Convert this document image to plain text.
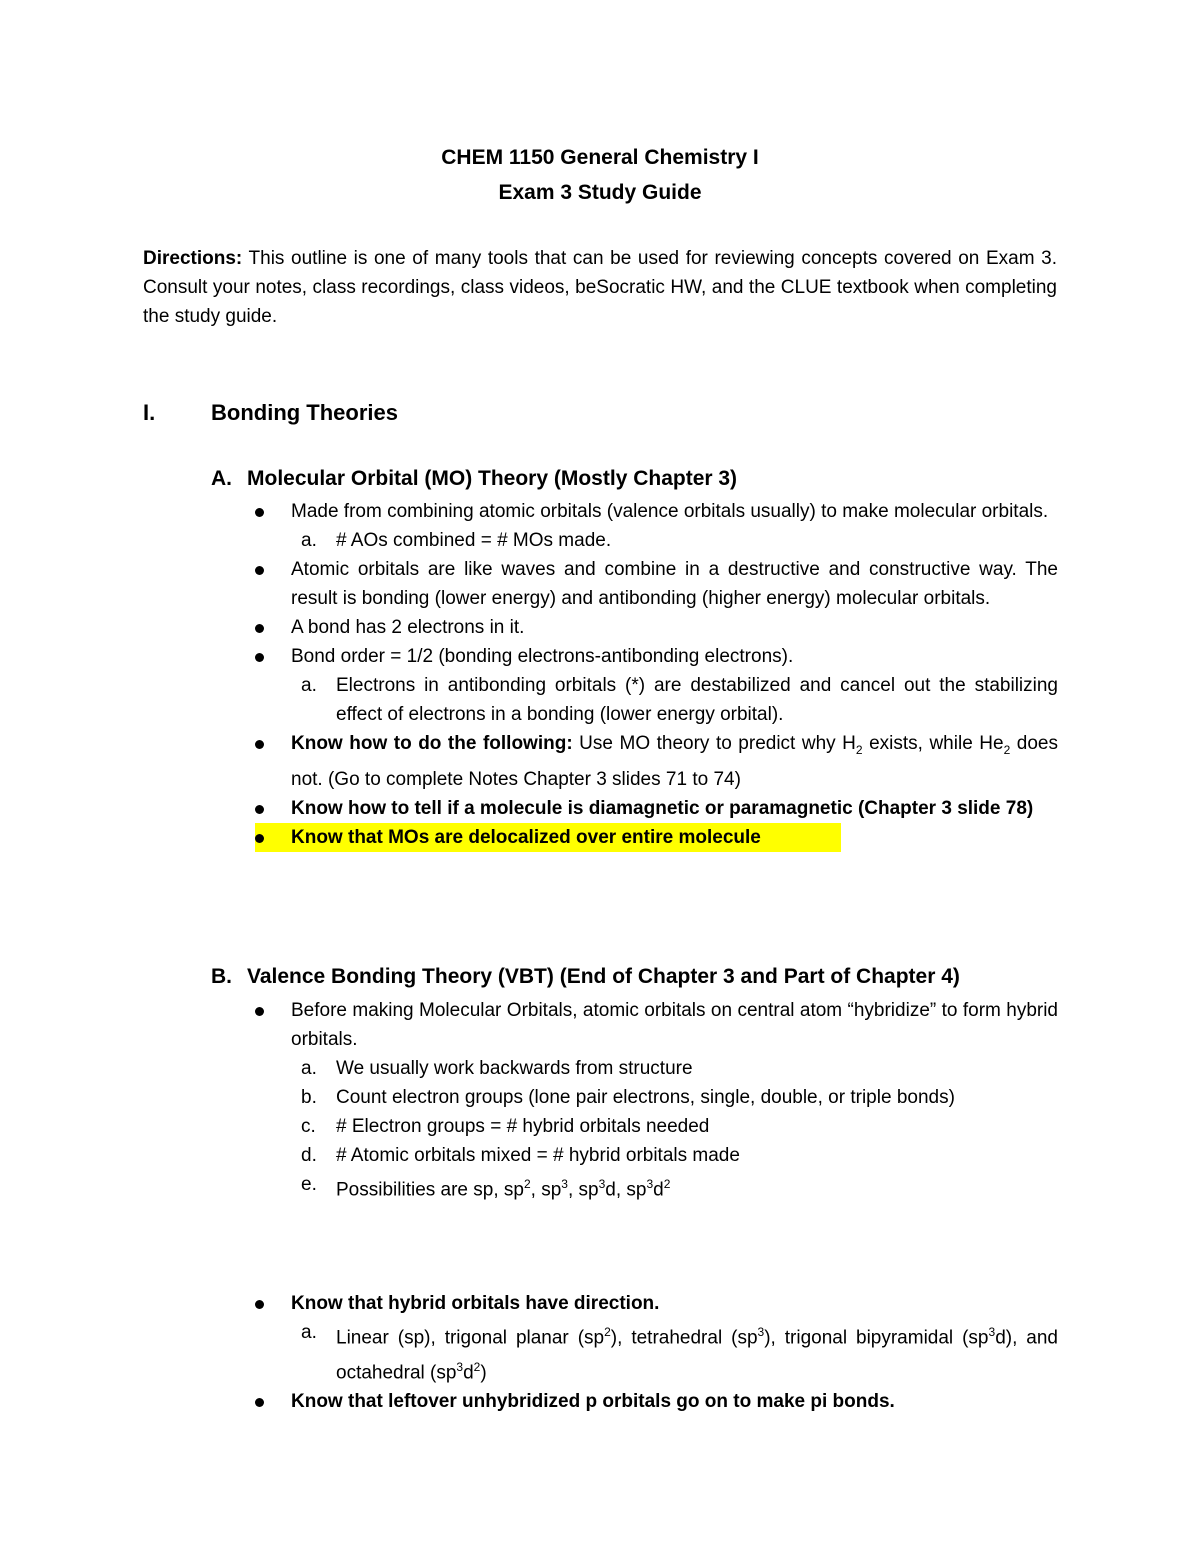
CHEM 1150 General Chemistry I
Exam 3 Study Guide
Directions: This outline is one of many tools that can be used for reviewing concepts covered on Exam 3. Consult your notes, class recordings, class videos, beSocratic HW, and the CLUE textbook when completing the study guide.
I.	Bonding Theories
A. Molecular Orbital (MO) Theory (Mostly Chapter 3)
Made from combining atomic orbitals (valence orbitals usually) to make molecular orbitals.
a. # AOs combined = # MOs made.
Atomic orbitals are like waves and combine in a destructive and constructive way. The result is bonding (lower energy) and antibonding (higher energy) molecular orbitals.
A bond has 2 electrons in it.
Bond order = 1/2 (bonding electrons-antibonding electrons).
a. Electrons in antibonding orbitals (*) are destabilized and cancel out the stabilizing effect of electrons in a bonding (lower energy orbital).
Know how to do the following: Use MO theory to predict why $H_2$ exists, while $He_2$ does not. (Go to complete Notes Chapter 3 slides 71 to 74)
Know how to tell if a molecule is diamagnetic or paramagnetic (Chapter 3 slide 78)
Know that MOs are delocalized over entire molecule
B. Valence Bonding Theory (VBT) (End of Chapter 3 and Part of Chapter 4)
Before making Molecular Orbitals, atomic orbitals on central atom “hybridize” to form hybrid orbitals.
a. We usually work backwards from structure
b. Count electron groups (lone pair electrons, single, double, or triple bonds)
c. # Electron groups = # hybrid orbitals needed
d. # Atomic orbitals mixed = # hybrid orbitals made
e. Possibilities are sp, $sp^2$, $sp^3$, $sp^3d$, $sp^3d^2$
Know that hybrid orbitals have direction.
a. Linear (sp), trigonal planar $(sp^2)$, tetrahedral $(sp^3)$, trigonal bipyramidal $(sp^3d)$, and octahedral $(sp^3d^2)$
Know that leftover unhybridized p orbitals go on to make pi bonds.
